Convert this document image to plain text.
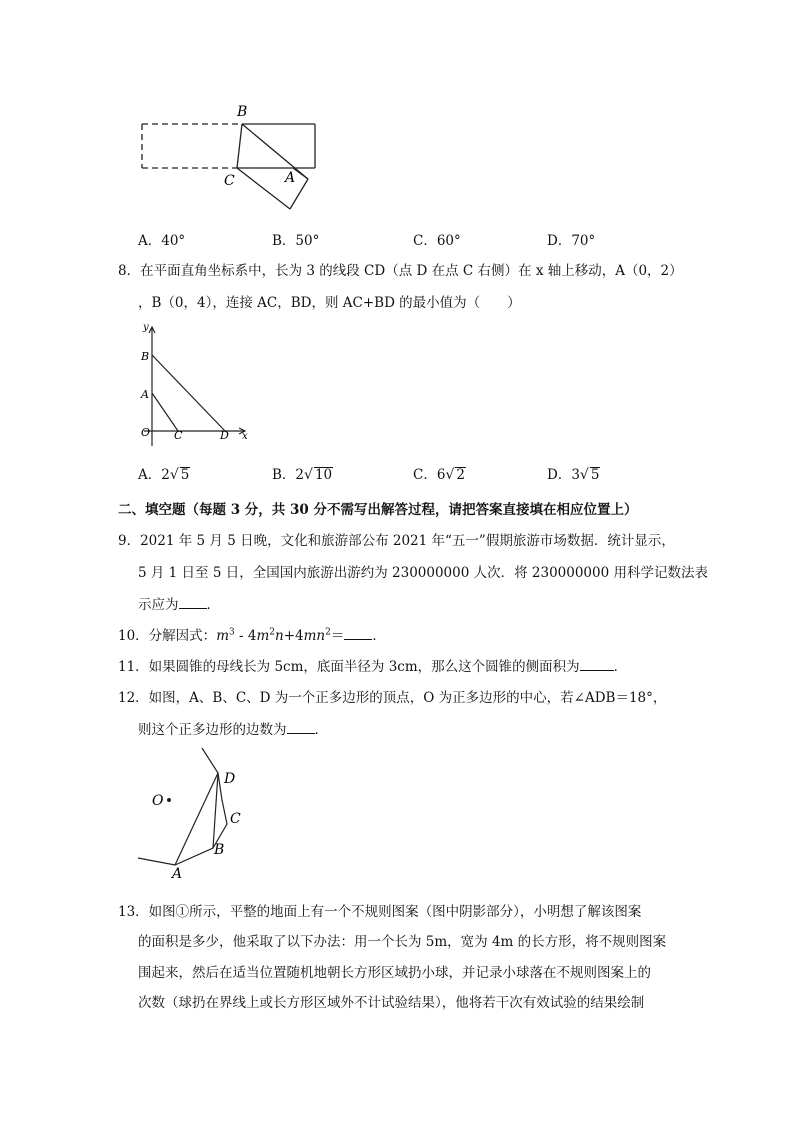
B
C	A
A．40°	B．50°	C．60°	D．70°
8．在平面直角坐标系中，长为 3 的线段 CD（点 D 在点 C 右侧）在 x 轴上移动，A（0，2）
，B（0，4），连接 AC，BD，则 AC+BD 的最小值为（　　）
y
B
A
O C	D x
A．2√ 5	B．2√ 10	C．6√ 2	D．3√ 5
二、填空题（每题 3 分，共 30 分不需写出解答过程，请把答案直接填在相应位置上）
9．2021 年 5 月 5 日晚，文化和旅游部公布 2021 年“五一”假期旅游市场数据．统计显示，
5 月 1 日至 5 日，全国国内旅游出游约为 230000000 人次．将 230000000 用科学记数法表
示应为 ．
10．分解因式：$m^3 - 4m^2n+4mn^2=$ ．
11．如果圆锥的母线长为 5cm，底面半径为 3cm，那么这个圆锥的侧面积为	．
12．如图，A、B、C、D 为一个正多边形的顶点，O 为正多边形的中心，若∠ADB＝18°，
则这个正多边形的边数为 ．
O
D
C
B
A
13．如图①所示，平整的地面上有一个不规则图案（图中阴影部分），小明想了解该图案
的面积是多少，他采取了以下办法：用一个长为 5m，宽为 4m 的长方形，将不规则图案
围起来，然后在适当位置随机地朝长方形区域扔小球，并记录小球落在不规则图案上的
次数（球扔在界线上或长方形区域外不计试验结果），他将若干次有效试验的结果绘制
